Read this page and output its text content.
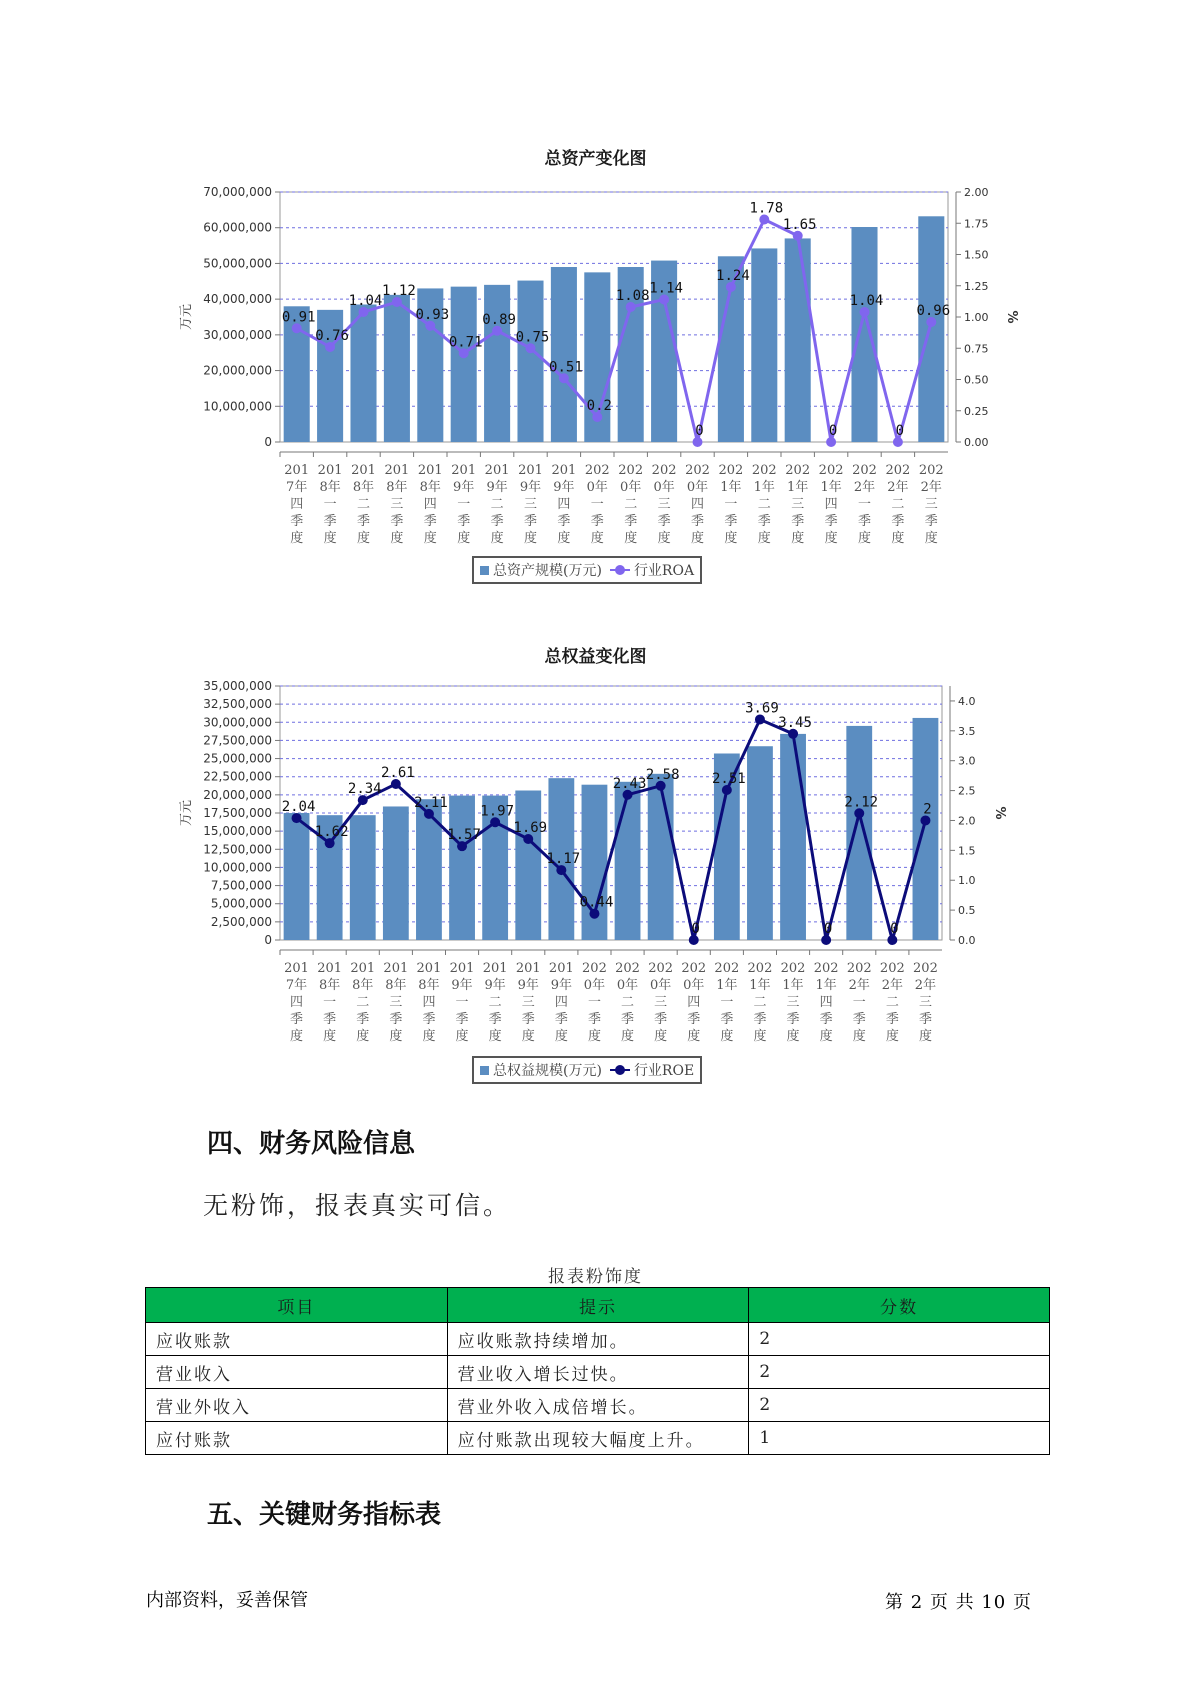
总资产变化图
0
10,000,000
20,000,000
30,000,000
40,000,000
50,000,000
60,000,000
70,000,000
0.00
0.25
0.50
0.75
1.00
1.25
1.50
1.75
2.00
万元	%
201 7年四季度
201 8年一季度
201 8年二季度
201 8年三季度
201 8年四季度
201 9年一季度
201 9年二季度
201 9年三季度
201 9年四季度
202 0年一季度
202 0年二季度
202 0年三季度
202 0年四季度
202 1年一季度
202 1年二季度
202 1年三季度
202 1年四季度
202 2年一季度
202 2年二季度
202 2年三季度
0.91
0.76
1.04
1.12
0.93
0.71
0.89
0.75
0.51
0.2
1.08 1.14
0
1.24
1.78
1.65
0
1.04
0
0.96
总资产规模(万元) 行业ROA
总权益变化图
0
2,500,000
5,000,000
7,500,000
10,000,000
12,500,000
15,000,000
17,500,000
20,000,000
22,500,000
25,000,000
27,500,000
30,000,000
32,500,000
35,000,000
0.0
0.5
1.0
1.5
2.0
2.5
3.0
3.5
4.0
万元	%
201 7年四季度
201 8年一季度
201 8年二季度
201 8年三季度
201 8年四季度
201 9年一季度
201 9年二季度
201 9年三季度
201 9年四季度
202 0年一季度
202 0年二季度
202 0年三季度
202 0年四季度
202 1年一季度
202 1年二季度
202 1年三季度
202 1年四季度
202 2年一季度
202 2年二季度
202 2年三季度
2.04
1.62
2.34
2.61
2.11
1.57
1.97
1.69
1.17
0.44
2.43
2.58
0
2.51
3.69
3.45
0
2.12
0
2
总权益规模(万元) 行业ROE
四、财务风险信息
无粉饰，报表真实可信。
报表粉饰度
项目	提示	分数
应收账款	应收账款持续增加。	2
营业收入	营业收入增长过快。	2
营业外收入	营业外收入成倍增长。	2
应付账款	应付账款出现较大幅度上升。	1
五、关键财务指标表
内部资料，妥善保管	第 2 页 共 10 页
